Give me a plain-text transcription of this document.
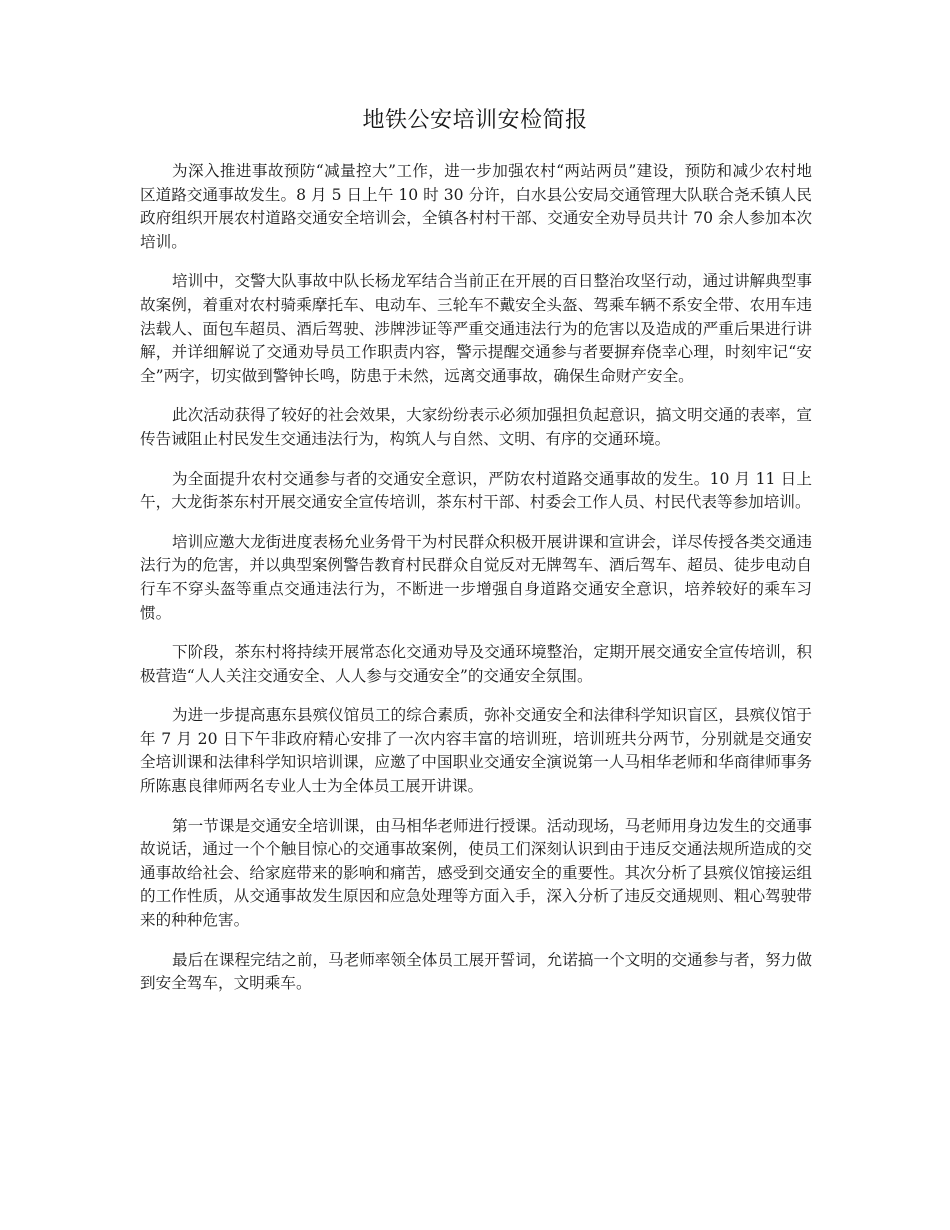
地铁公安培训安检简报

为深入推进事故预防“减量控大”工作，进一步加强农村“两站两员”建设，预防和减少农村地区道路交通事故发生。8 月 5 日上午 10 时 30 分许，白水县公安局交通管理大队联合尧禾镇人民政府组织开展农村道路交通安全培训会，全镇各村村干部、交通安全劝导员共计 70 余人参加本次培训。

培训中，交警大队事故中队长杨龙军结合当前正在开展的百日整治攻坚行动，通过讲解典型事故案例，着重对农村骑乘摩托车、电动车、三轮车不戴安全头盔、驾乘车辆不系安全带、农用车违法载人、面包车超员、酒后驾驶、涉牌涉证等严重交通违法行为的危害以及造成的严重后果进行讲解，并详细解说了交通劝导员工作职责内容，警示提醒交通参与者要摒弃侥幸心理，时刻牢记“安全”两字，切实做到警钟长鸣，防患于未然，远离交通事故，确保生命财产安全。

此次活动获得了较好的社会效果，大家纷纷表示必须加强担负起意识，搞文明交通的表率，宣传告诫阻止村民发生交通违法行为，构筑人与自然、文明、有序的交通环境。

为全面提升农村交通参与者的交通安全意识，严防农村道路交通事故的发生。10 月 11 日上午，大龙街茶东村开展交通安全宣传培训，茶东村干部、村委会工作人员、村民代表等参加培训。

培训应邀大龙街进度表杨允业务骨干为村民群众积极开展讲课和宣讲会，详尽传授各类交通违法行为的危害，并以典型案例警告教育村民群众自觉反对无牌驾车、酒后驾车、超员、徒步电动自行车不穿头盔等重点交通违法行为，不断进一步增强自身道路交通安全意识，培养较好的乘车习惯。

下阶段，茶东村将持续开展常态化交通劝导及交通环境整治，定期开展交通安全宣传培训，积极营造“人人关注交通安全、人人参与交通安全”的交通安全氛围。

为进一步提高惠东县殡仪馆员工的综合素质，弥补交通安全和法律科学知识盲区，县殡仪馆于年 7 月 20 日下午非政府精心安排了一次内容丰富的培训班，培训班共分两节，分别就是交通安全培训课和法律科学知识培训课，应邀了中国职业交通安全演说第一人马相华老师和华商律师事务所陈惠良律师两名专业人士为全体员工展开讲课。

第一节课是交通安全培训课，由马相华老师进行授课。活动现场，马老师用身边发生的交通事故说话，通过一个个触目惊心的交通事故案例，使员工们深刻认识到由于违反交通法规所造成的交通事故给社会、给家庭带来的影响和痛苦，感受到交通安全的重要性。其次分析了县殡仪馆接运组的工作性质，从交通事故发生原因和应急处理等方面入手，深入分析了违反交通规则、粗心驾驶带来的种种危害。

最后在课程完结之前，马老师率领全体员工展开誓词，允诺搞一个文明的交通参与者，努力做到安全驾车，文明乘车。
